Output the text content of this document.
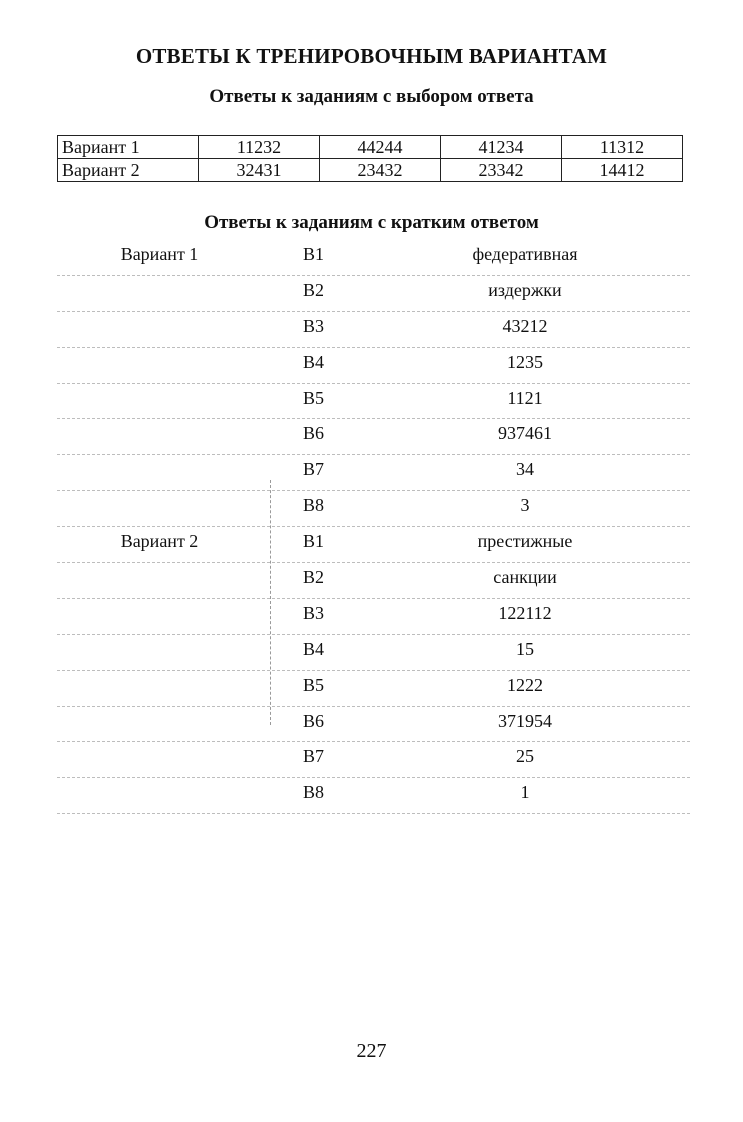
ОТВЕТЫ К ТРЕНИРОВОЧНЫМ ВАРИАНТАМ
Ответы к заданиям с выбором ответа
Вариант 1	11232	44244	41234	11312
Вариант 2	32431	23432	23342	14412
Ответы к заданиям с кратким ответом
Вариант 1	В1	федеративная
В2	издержки
В3	43212
В4	1235
В5	1121
В6	937461
В7	34
В8	3
Вариант 2	В1	престижные
В2	санкции
В3	122112
В4	15
В5	1222
В6	371954
В7	25
В8	1
227
